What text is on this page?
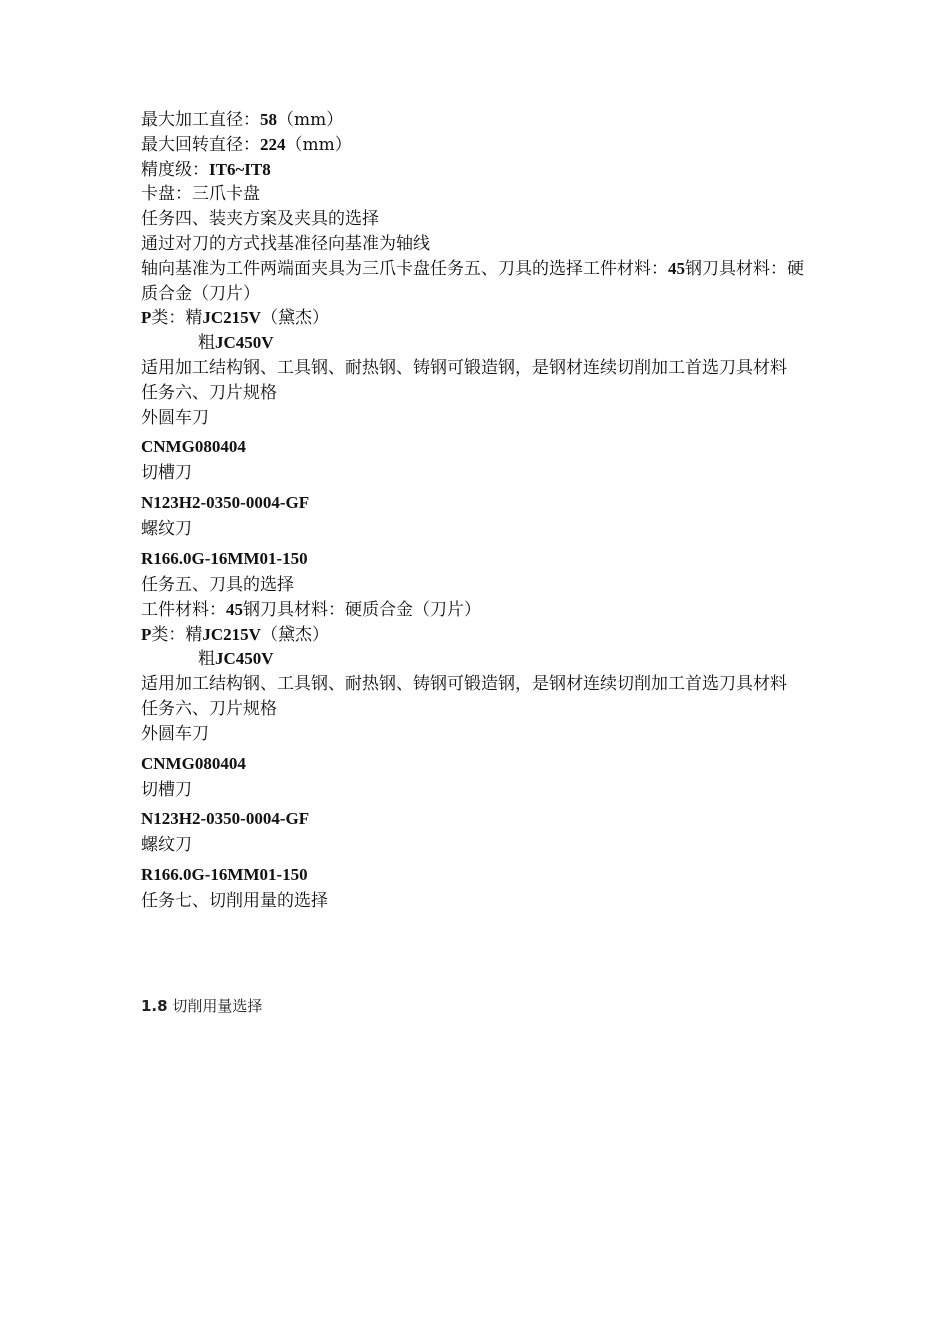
最大加工直径：58（mm）
最大回转直径：224（mm）
精度级：IT6~IT8
卡盘：三爪卡盘
任务四、装夹方案及夹具的选择
通过对刀的方式找基准径向基准为轴线
轴向基准为工件两端面夹具为三爪卡盘任务五、刀具的选择工件材料：45钢刀具材料：硬质合金（刀片）
P类：精JC215V（黛杰）
粗JC450V
适用加工结构钢、工具钢、耐热钢、铸钢可锻造钢，是钢材连续切削加工首选刀具材料
任务六、刀片规格
外圆车刀
CNMG080404
切槽刀
N123H2-0350-0004-GF
螺纹刀
R166.0G-16MM01-150
任务五、刀具的选择
工件材料：45钢刀具材料：硬质合金（刀片）
P类：精JC215V（黛杰）
粗JC450V
适用加工结构钢、工具钢、耐热钢、铸钢可锻造钢，是钢材连续切削加工首选刀具材料
任务六、刀片规格
外圆车刀
CNMG080404
切槽刀
N123H2-0350-0004-GF
螺纹刀
R166.0G-16MM01-150
任务七、切削用量的选择
1.8 切削用量选择
